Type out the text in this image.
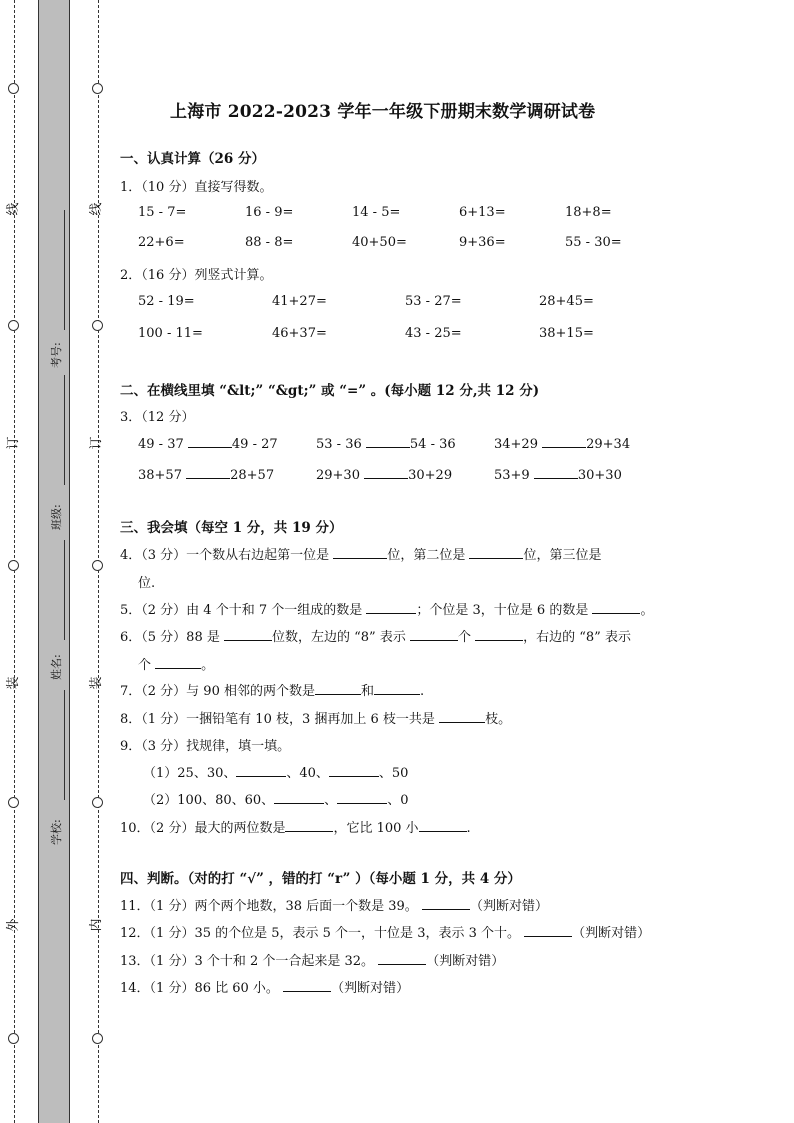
线
订
装
外
线
订
装
内
考号:
班级:
姓名:
学校:
上海市 2022-2023 学年一年级下册期末数学调研试卷
一、认真计算（26 分）
1．（10 分）直接写得数。
15 - 7=	16 - 9=	14 - 5=	6+13=	18+8=
22+6=	88 - 8=	40+50=	9+36=	55 - 30=
2．（16 分）列竖式计算。
52 - 19=	41+27=	53 - 27=	28+45=
100 - 11=	46+37=	43 - 25=	38+15=
二、在横线里填 “&lt;” “&gt;” 或 “=” 。(每小题 12 分,共 12 分)
3．（12 分）
49 - 37	49 - 27	53 - 36	54 - 36	34+29	29+34
38+57	28+57	29+30	30+29	53+9	30+30
三、我会填（每空 1 分，共 19 分）
4．（3 分）一个数从右边起第一位是	位，第二位是	位，第三位是
位.
5．（2 分）由 4 个十和 7 个一组成的数是	；个位是 3，十位是 6 的数是	。
6．（5 分）88 是	位数，左边的 “8” 表示	个	，右边的 “8” 表示
个	。
7．（2 分）与 90 相邻的两个数是	和	.
8．（1 分）一捆铅笔有 10 枝，3 捆再加上 6 枝一共是	枝。
9．（3 分）找规律，填一填。
（1）25、30、	、40、	、50
（2）100、80、60、	、	、0
10．（2 分）最大的两位数是	，它比 100 小	.
四、判断。（对的打 “√” ，错的打 “r” ）（每小题 1 分，共 4 分）
11．（1 分）两个两个地数，38 后面一个数是 39。	（判断对错）
12．（1 分）35 的个位是 5，表示 5 个一，十位是 3，表示 3 个十。	（判断对错）
13．（1 分）3 个十和 2 个一合起来是 32。	（判断对错）
14．（1 分）86 比 60 小。	（判断对错）
